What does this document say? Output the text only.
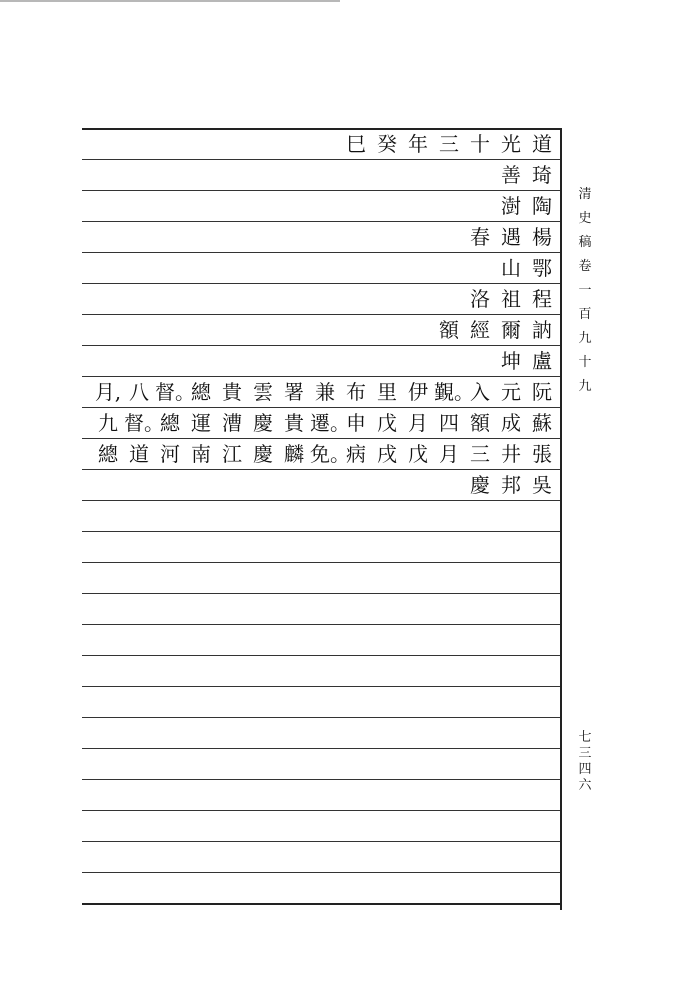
道
光
十
三
年
癸
巳
琦
善
陶
澍
楊
遇
春
鄂
山
程
祖
洛
訥
爾
經
額
盧
坤
阮
元
入
覲。
伊
里
布
兼
署
雲
貴
總
督。
八
月,
蘇
成
額
四
月
戊
申
遷。
貴
慶
漕
運
總
督。
九
張
井
三
月
戊
戌
病
免。
麟
慶
江
南
河
道
總
吳
邦
慶
清
史
稿
卷
一
百
九
十
九
七
三
四
六
